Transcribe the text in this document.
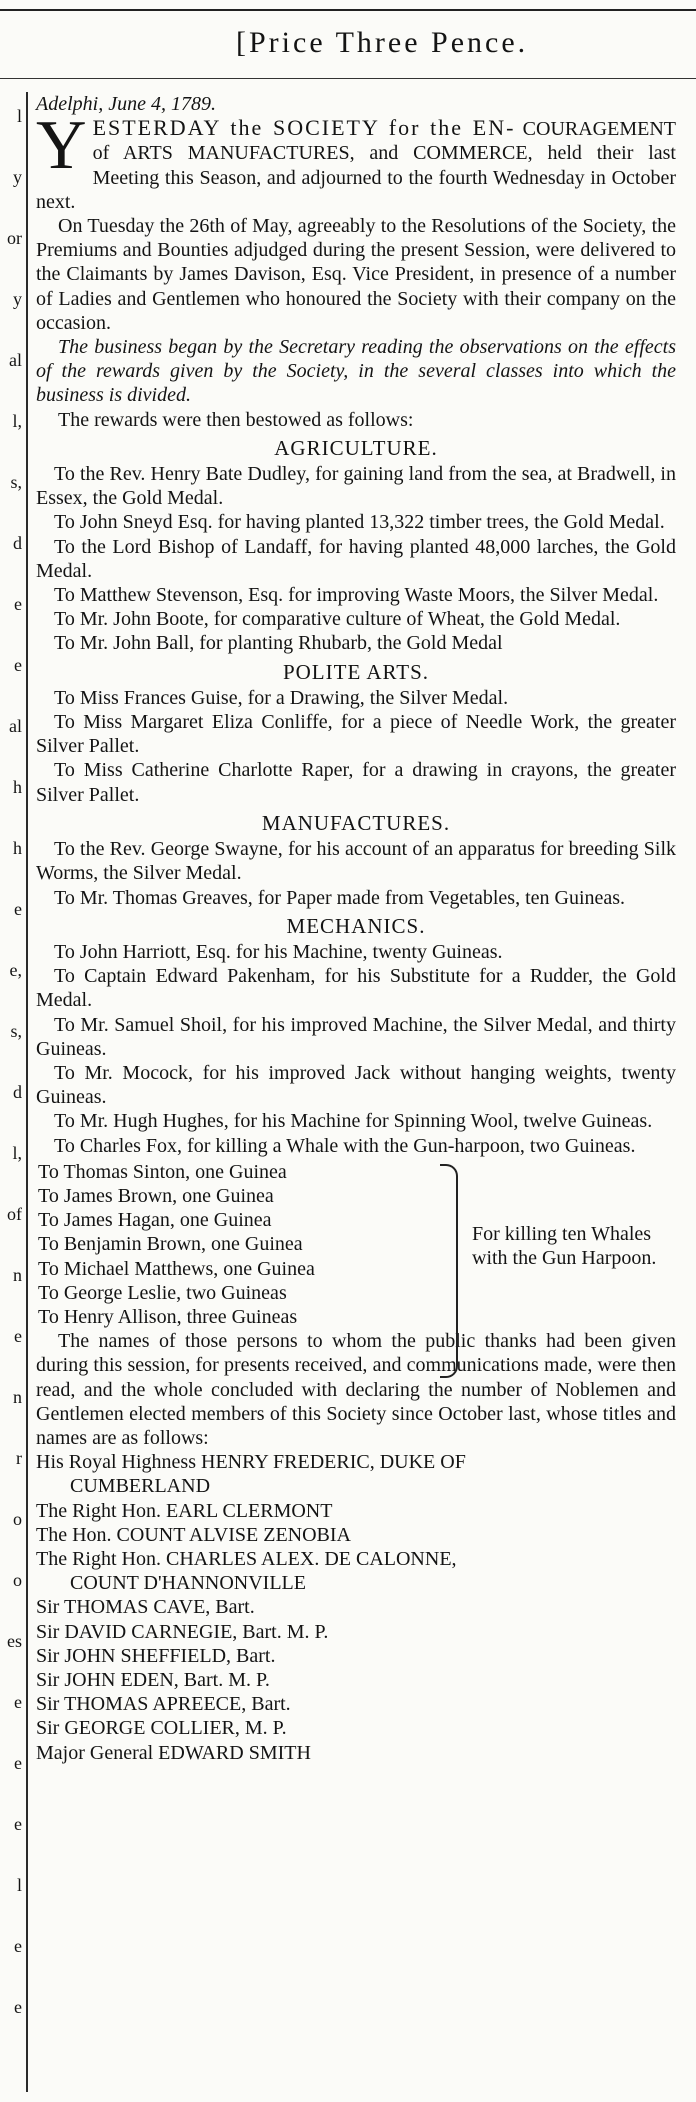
[Price Three Pence.
l
y
or
y
al
l,
s,
d
e
e
al
h
h
e
e,
s,
d
l,
of
n
e
n
r
o
o
es
e
e
e
l
e
e

Adelphi, June 4, 1789.

YESTERDAY the SOCIETY for the EN- COURAGEMENT of ARTS MANUFACTURES, and COMMERCE, held their last Meeting this Season, and adjourned to the fourth Wednesday in October next.

On Tuesday the 26th of May, agreeably to the Resolutions of the Society, the Premiums and Bounties adjudged during the present Session, were delivered to the Claimants by James Davison, Esq. Vice President, in presence of a number of Ladies and Gentlemen who honoured the Society with their company on the occasion.

The business began by the Secretary reading the observations on the effects of the rewards given by the Society, in the several classes into which the business is divided.

The rewards were then bestowed as follows:

AGRICULTURE.

To the Rev. Henry Bate Dudley, for gaining land from the sea, at Bradwell, in Essex, the Gold Medal.

To John Sneyd Esq. for having planted 13,322 timber trees, the Gold Medal.

To the Lord Bishop of Landaff, for having planted 48,000 larches, the Gold Medal.

To Matthew Stevenson, Esq. for improving Waste Moors, the Silver Medal.

To Mr. John Boote, for comparative culture of Wheat, the Gold Medal.

To Mr. John Ball, for planting Rhubarb, the Gold Medal

POLITE ARTS.

To Miss Frances Guise, for a Drawing, the Silver Medal.

To Miss Margaret Eliza Conliffe, for a piece of Needle Work, the greater Silver Pallet.

To Miss Catherine Charlotte Raper, for a drawing in crayons, the greater Silver Pallet.

MANUFACTURES.

To the Rev. George Swayne, for his account of an apparatus for breeding Silk Worms, the Silver Medal.

To Mr. Thomas Greaves, for Paper made from Vegetables, ten Guineas.

MECHANICS.

To John Harriott, Esq. for his Machine, twenty Guineas.

To Captain Edward Pakenham, for his Substitute for a Rudder, the Gold Medal.

To Mr. Samuel Shoil, for his improved Machine, the Silver Medal, and thirty Guineas.

To Mr. Mocock, for his improved Jack without hanging weights, twenty Guineas.

To Mr. Hugh Hughes, for his Machine for Spinning Wool, twelve Guineas.

To Charles Fox, for killing a Whale with the Gun-harpoon, two Guineas.

To Thomas Sinton, one Guinea
To James Brown, one Guinea
To James Hagan, one Guinea
To Benjamin Brown, one Guinea
To Michael Matthews, one Guinea
To George Leslie, two Guineas
To Henry Allison, three Guineas
For killing ten Whales with the Gun Harpoon.

The names of those persons to whom the public thanks had been given during this session, for presents received, and communications made, were then read, and the whole concluded with declaring the number of Noblemen and Gentlemen elected members of this Society since October last, whose titles and names are as follows:

His Royal Highness HENRY FREDERIC, DUKE OF
CUMBERLAND
The Right Hon. EARL CLERMONT
The Hon. COUNT ALVISE ZENOBIA
The Right Hon. CHARLES ALEX. DE CALONNE,
COUNT D'HANNONVILLE
Sir THOMAS CAVE, Bart.
Sir DAVID CARNEGIE, Bart. M. P.
Sir JOHN SHEFFIELD, Bart.
Sir JOHN EDEN, Bart. M. P.
Sir THOMAS APREECE, Bart.
Sir GEORGE COLLIER, M. P.
Major General EDWARD SMITH
